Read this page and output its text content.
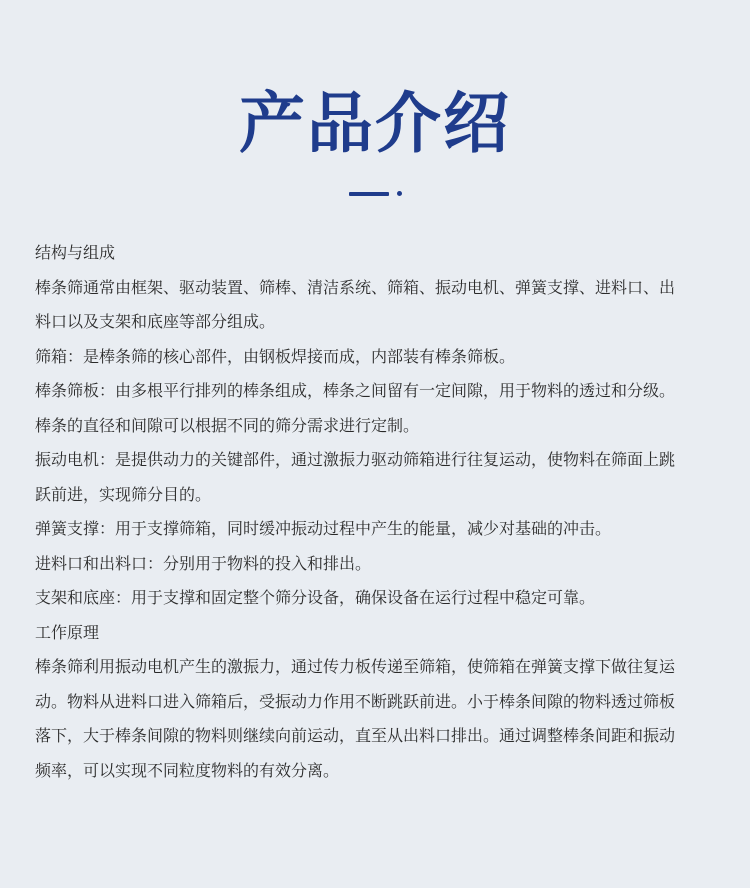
产品介绍
结构与组成
棒条筛通常由框架、驱动装置、筛棒、清洁系统、筛箱、振动电机、弹簧支撑、进料口、出
料口以及支架和底座等部分组成。
筛箱：是棒条筛的核心部件，由钢板焊接而成，内部装有棒条筛板。
棒条筛板：由多根平行排列的棒条组成，棒条之间留有一定间隙，用于物料的透过和分级。
棒条的直径和间隙可以根据不同的筛分需求进行定制。
振动电机：是提供动力的关键部件，通过激振力驱动筛箱进行往复运动，使物料在筛面上跳
跃前进，实现筛分目的。
弹簧支撑：用于支撑筛箱，同时缓冲振动过程中产生的能量，减少对基础的冲击。
进料口和出料口：分别用于物料的投入和排出。
支架和底座：用于支撑和固定整个筛分设备，确保设备在运行过程中稳定可靠。
工作原理
棒条筛利用振动电机产生的激振力，通过传力板传递至筛箱，使筛箱在弹簧支撑下做往复运
动。物料从进料口进入筛箱后，受振动力作用不断跳跃前进。小于棒条间隙的物料透过筛板
落下，大于棒条间隙的物料则继续向前运动，直至从出料口排出。通过调整棒条间距和振动
频率，可以实现不同粒度物料的有效分离。
